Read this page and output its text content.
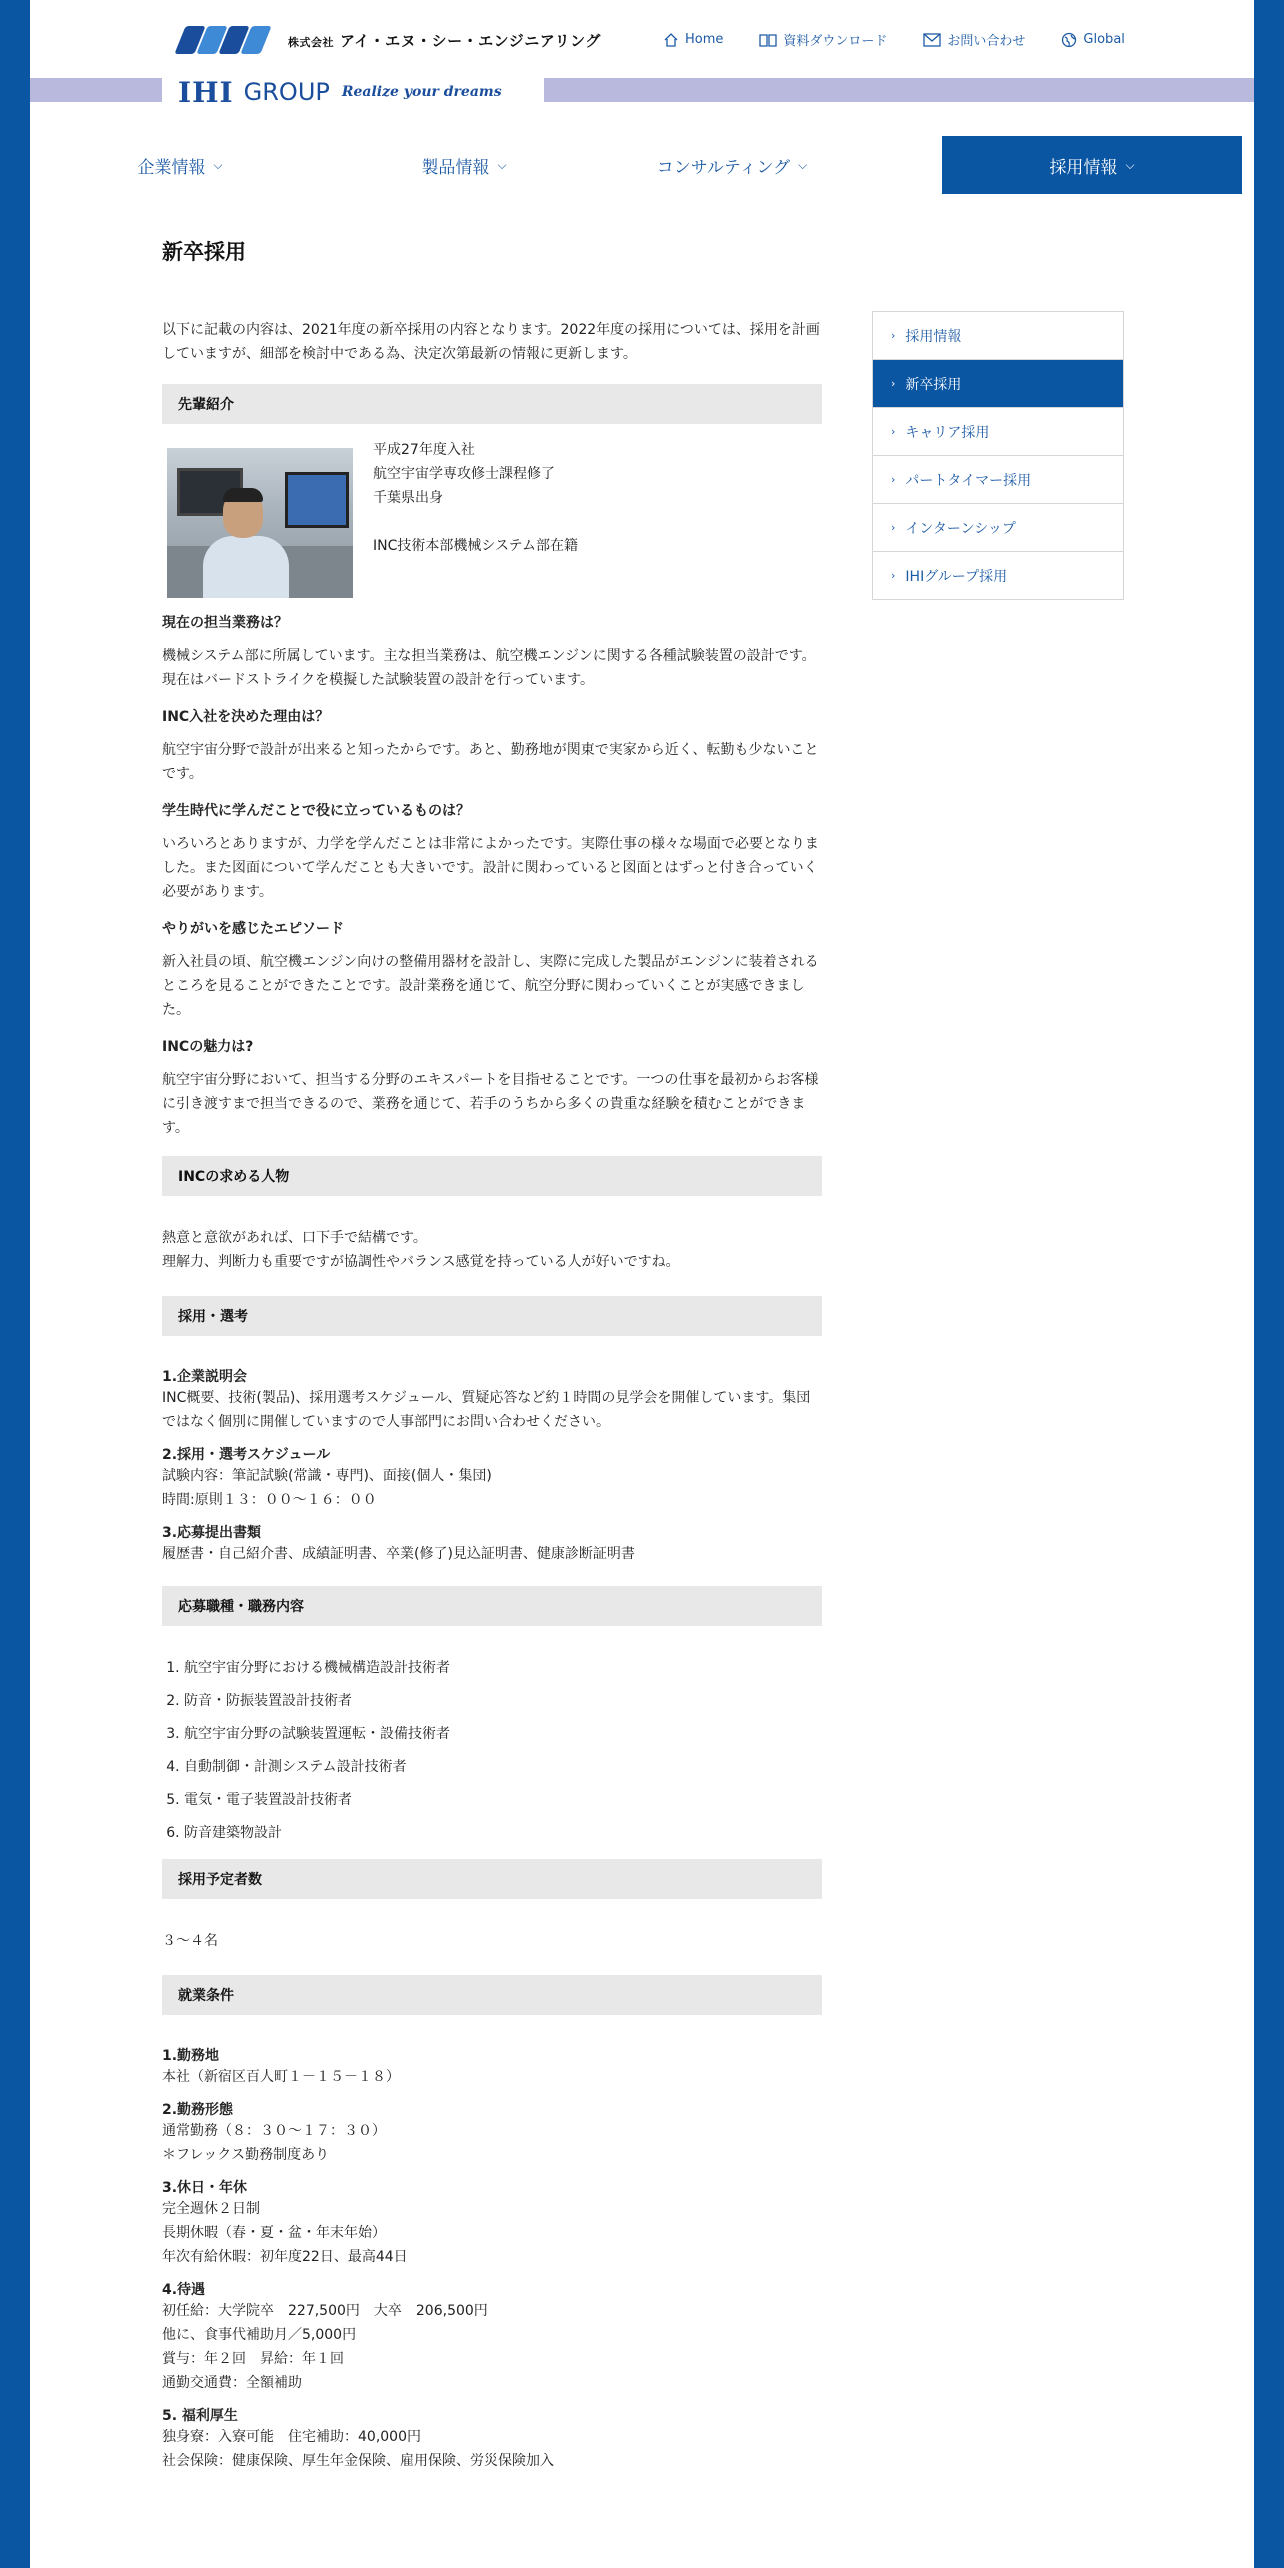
株式会社 アイ・エヌ・シー・エンジニアリング	Home	資料ダウンロード	お問い合わせ	Global
IHI GROUP Realize your dreams
企業情報 ⌵	製品情報 ⌵	コンサルティング ⌵	採用情報 ⌵
新卒採用
以下に記載の内容は、2021年度の新卒採用の内容となります。2022年度の採用については、採用を計画
していますが、細部を検討中である為、決定次第最新の情報に更新します。
先輩紹介
平成27年度入社
航空宇宙学専攻修士課程修了
千葉県出身
INC技術本部機械システム部在籍

現在の担当業務は？

機械システム部に所属しています。主な担当業務は、航空機エンジンに関する各種試験装置の設計です。

現在はバードストライクを模擬した試験装置の設計を行っています。

INC入社を決めた理由は？

航空宇宙分野で設計が出来ると知ったからです。あと、勤務地が関東で実家から近く、転勤も少ないこと

です。

学生時代に学んだことで役に立っているものは？

いろいろとありますが、力学を学んだことは非常によかったです。実際仕事の様々な場面で必要となりま

した。また図面について学んだことも大きいです。設計に関わっていると図面とはずっと付き合っていく

必要があります。

やりがいを感じたエピソード

新入社員の頃、航空機エンジン向けの整備用器材を設計し、実際に完成した製品がエンジンに装着される

ところを見ることができたことです。設計業務を通じて、航空分野に関わっていくことが実感できまし

た。

INCの魅力は?

航空宇宙分野において、担当する分野のエキスパートを目指せることです。一つの仕事を最初からお客様

に引き渡すまで担当できるので、業務を通じて、若手のうちから多くの貴重な経験を積むことができま

す。

INCの求める人物

熱意と意欲があれば、口下手で結構です。

理解力、判断力も重要ですが協調性やバランス感覚を持っている人が好いですね。

採用・選考

1.企業説明会

INC概要、技術(製品)、採用選考スケジュール、質疑応答など約１時間の見学会を開催しています。集団

ではなく個別に開催していますので人事部門にお問い合わせください。

2.採用・選考スケジュール

試験内容：筆記試験(常識・専門)、面接(個人・集団)

時間:原則１３：００～１６：００

3.応募提出書類

履歴書・自己紹介書、成績証明書、卒業(修了)見込証明書、健康診断証明書

応募職種・職務内容
1. 航空宇宙分野における機械構造設計技術者
2. 防音・防振装置設計技術者
3. 航空宇宙分野の試験装置運転・設備技術者
4. 自動制御・計測システム設計技術者
5. 電気・電子装置設計技術者
6. 防音建築物設計
採用予定者数

３～４名

就業条件

1.勤務地

本社（新宿区百人町１－１５－１８）

2.勤務形態

通常勤務（８：３０～１７：３０）

＊フレックス勤務制度あり

3.休日・年休

完全週休２日制

長期休暇（春・夏・盆・年末年始）

年次有給休暇：初年度22日、最高44日

4.待遇

初任給：大学院卒　227,500円　大卒　206,500円

他に、食事代補助月／5,000円

賞与：年２回　昇給：年１回

通勤交通費：全額補助

5. 福利厚生

独身寮：入寮可能　住宅補助：40,000円

社会保険：健康保険、厚生年金保険、雇用保険、労災保険加入

› 採用情報
› 新卒採用
› キャリア採用
› パートタイマー採用
› インターンシップ
› IHIグループ採用
